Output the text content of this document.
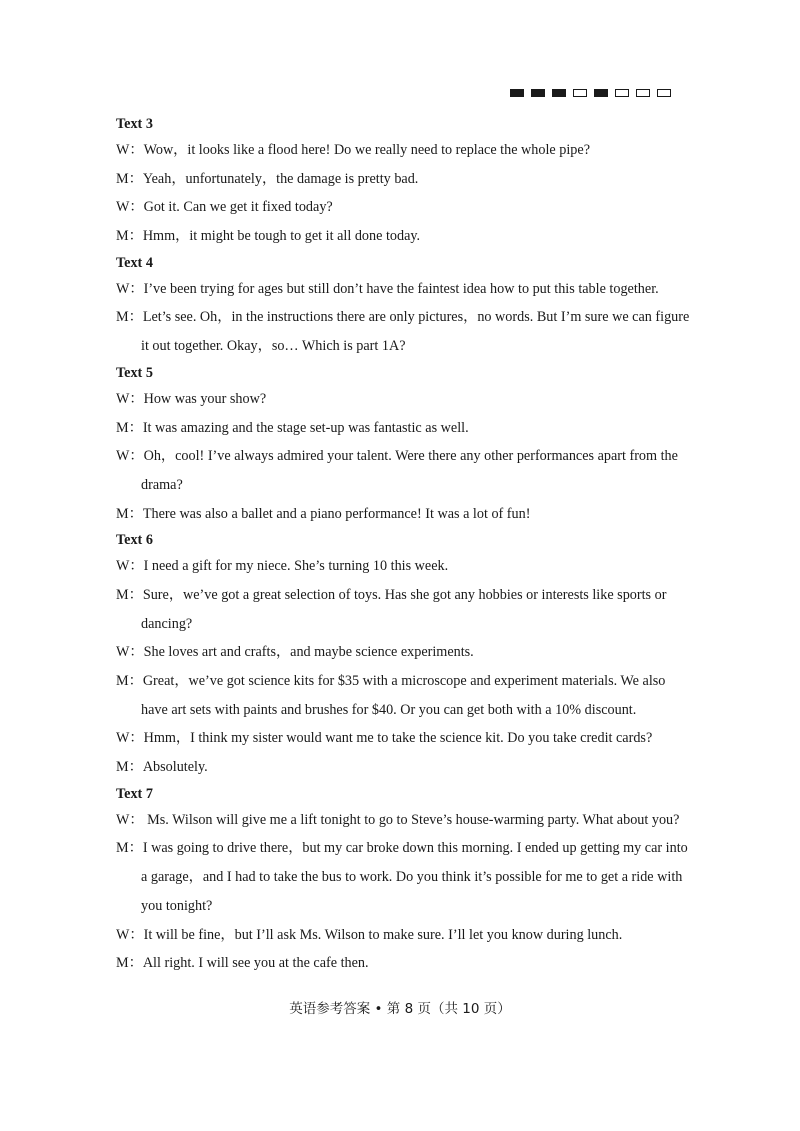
Text 3
W：Wow，it looks like a flood here! Do we really need to replace the whole pipe?
M：Yeah，unfortunately，the damage is pretty bad.
W：Got it. Can we get it fixed today?
M：Hmm，it might be tough to get it all done today.
Text 4
W：I’ve been trying for ages but still don’t have the faintest idea how to put this table together.
M：Let’s see. Oh，in the instructions there are only pictures，no words. But I’m sure we can figure
it out together. Okay，so… Which is part 1A?
Text 5
W：How was your show?
M：It was amazing and the stage set-up was fantastic as well.
W：Oh，cool! I’ve always admired your talent. Were there any other performances apart from the
drama?
M：There was also a ballet and a piano performance! It was a lot of fun!
Text 6
W：I need a gift for my niece. She’s turning 10 this week.
M：Sure，we’ve got a great selection of toys. Has she got any hobbies or interests like sports or
dancing?
W：She loves art and crafts，and maybe science experiments.
M：Great，we’ve got science kits for $35 with a microscope and experiment materials. We also
have art sets with paints and brushes for $40. Or you can get both with a 10% discount.
W：Hmm，I think my sister would want me to take the science kit. Do you take credit cards?
M：Absolutely.
Text 7
W： Ms. Wilson will give me a lift tonight to go to Steve’s house-warming party. What about you?
M：I was going to drive there，but my car broke down this morning. I ended up getting my car into
a garage，and I had to take the bus to work. Do you think it’s possible for me to get a ride with
you tonight?
W：It will be fine，but I’ll ask Ms. Wilson to make sure. I’ll let you know during lunch.
M：All right. I will see you at the cafe then.
英语参考答案 • 第 8 页（共 10 页）
